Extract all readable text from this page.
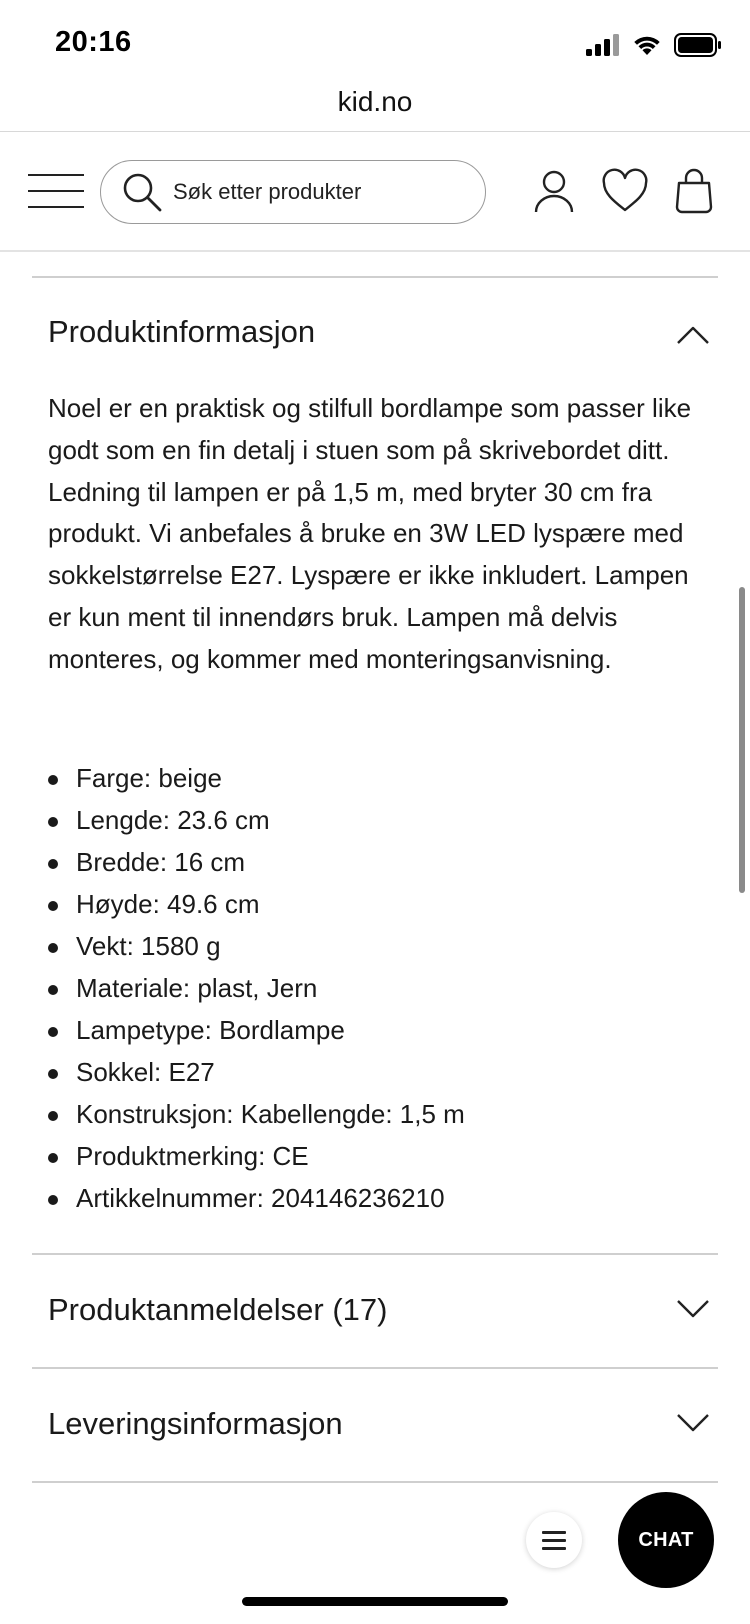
20:16
kid.no
Søk etter produkter
Produktinformasjon

Noel er en praktisk og stilfull bordlampe som passer like godt som en fin detalj i stuen som på skrivebordet ditt. Ledning til lampen er på 1,5 m, med bryter 30 cm fra produkt. Vi anbefales å bruke en 3W LED lyspære med sokkelstørrelse E27. Lyspære er ikke inkludert. Lampen er kun ment til innendørs bruk. Lampen må delvis monteres, og kommer med monteringsanvisning.

Farge: beige
Lengde: 23.6 cm
Bredde: 16 cm
Høyde: 49.6 cm
Vekt: 1580 g
Materiale: plast, Jern
Lampetype: Bordlampe
Sokkel: E27
Konstruksjon: Kabellengde: 1,5 m
Produktmerking: CE
Artikkelnummer: 204146236210
Produktanmeldelser (17)
Leveringsinformasjon
CHAT
